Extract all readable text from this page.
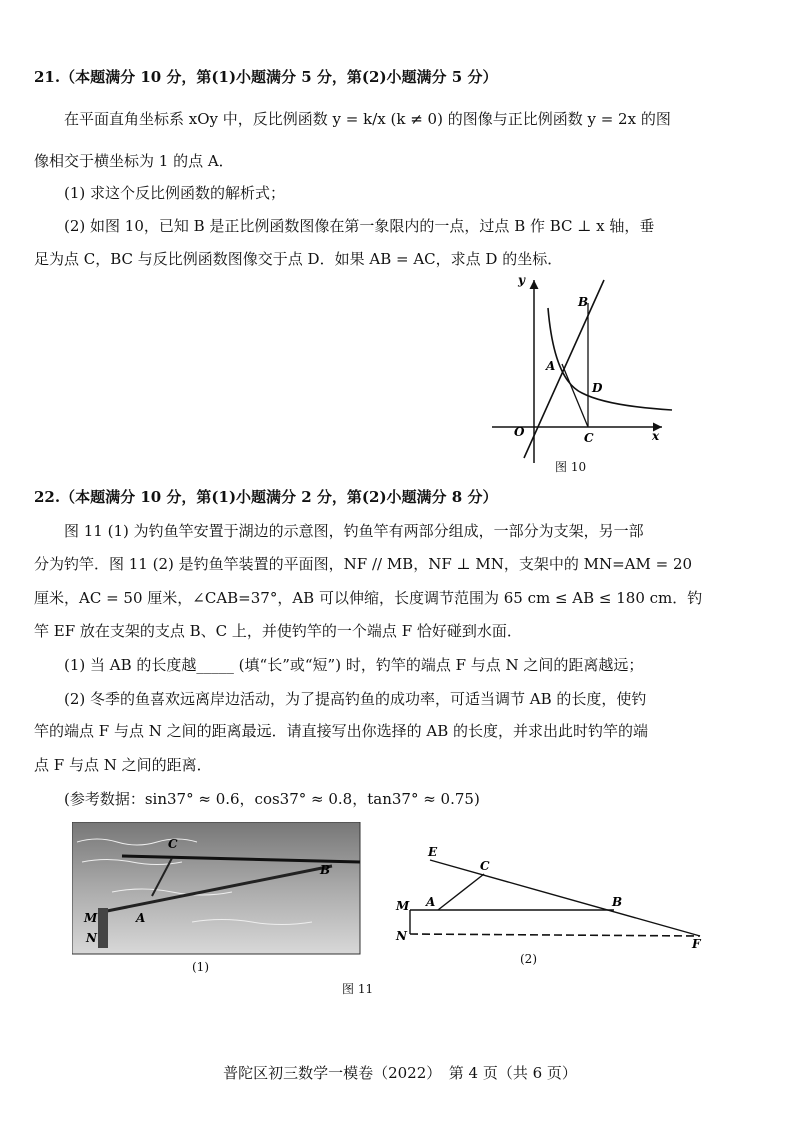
21.（本题满分 10 分，第(1)小题满分 5 分，第(2)小题满分 5 分）
在平面直角坐标系 xOy 中，反比例函数 y = k/x (k ≠ 0) 的图像与正比例函数 y = 2x 的图
像相交于横坐标为 1 的点 A．
(1) 求这个反比例函数的解析式；
(2) 如图 10，已知 B 是正比例函数图像在第一象限内的一点，过点 B 作 BC ⊥ x 轴，垂
足为点 C，BC 与反比例函数图像交于点 D．如果 AB = AC，求点 D 的坐标．
y
x
O
A
B
C
D
图 10
22.（本题满分 10 分，第(1)小题满分 2 分，第(2)小题满分 8 分）
图 11 (1) 为钓鱼竿安置于湖边的示意图，钓鱼竿有两部分组成，一部分为支架，另一部
分为钓竿．图 11 (2) 是钓鱼竿装置的平面图，NF // MB，NF ⊥ MN，支架中的 MN=AM = 20
厘米，AC = 50 厘米，∠CAB=37°，AB 可以伸缩，长度调节范围为 65 cm ≤ AB ≤ 180 cm．钓
竿 EF 放在支架的支点 B、C 上，并使钓竿的一个端点 F 恰好碰到水面．
(1) 当 AB 的长度越_____ (填“长”或“短”) 时，钓竿的端点 F 与点 N 之间的距离越远；
(2) 冬季的鱼喜欢远离岸边活动，为了提高钓鱼的成功率，可适当调节 AB 的长度，使钓
竿的端点 F 与点 N 之间的距离最远．请直接写出你选择的 AB 的长度，并求出此时钓竿的端
点 F 与点 N 之间的距离．
(参考数据：sin37° ≈ 0.6，cos37° ≈ 0.8，tan37° ≈ 0.75)
C
B
M	A
N
(1)
E
C
M A	B
N
F
(2)
图 11
普陀区初三数学一模卷（2022）　第 4 页（共 6 页）
